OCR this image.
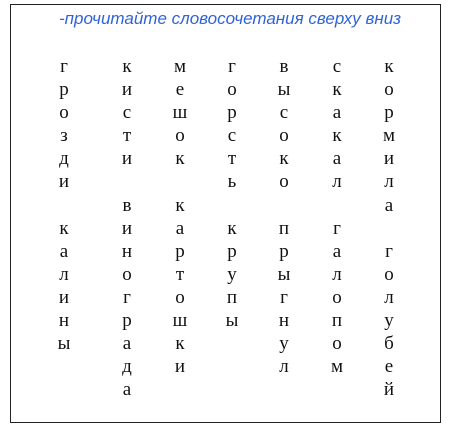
-прочитайте словосочетания сверху вниз
г
р
о
з
д
и
к
а
л
и
н
ы
к
и
с
т
и
в
и
н
о
г
р
а
д
а
м
е
ш
о
к
к
а
р
т
о
ш
к
и
г
о
р
с
т
ь
к
р
у
п
ы
в
ы
с
о
к
о
п
р
ы
г
н
у
л
с
к
а
к
а
л
г
а
л
о
п
о
м
к
о
р
м
и
л
а
г
о
л
у
б
е
й
